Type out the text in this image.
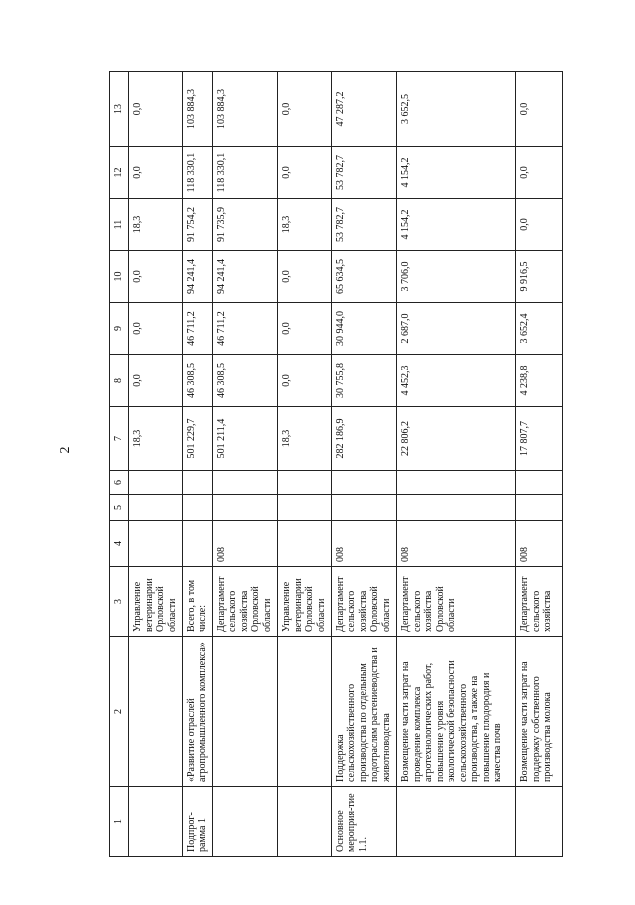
2
1	2	3	4	5	6	7	8	9	10	11	12	13
		Управление ветеринарии Орловской области				18,3	0,0	0,0	0,0	18,3	0,0	0,0
Подпрог-рамма 1	«Развитие отраслей агропромышленного комплекса»	Всего, в том числе:				501 229,7	46 308,5	46 711,2	94 241,4	91 754,2	118 330,1	103 884,3
		Департамент сельского хозяйства Орловской области	008			501 211,4	46 308,5	46 711,2	94 241,4	91 735,9	118 330,1	103 884,3
		Управление ветеринарии Орловской области				18,3	0,0	0,0	0,0	18,3	0,0	0,0
Основное мероприя-тие 1.1.	Поддержка сельскохозяйственного производства по отдельным подотраслям растениеводства и животноводства	Департамент сельского хозяйства Орловской области	008			282 186,9	30 755,8	30 944,0	65 634,5	53 782,7	53 782,7	47 287,2
	Возмещение части затрат на проведение комплекса агротехнологических работ, повышение уровня экологической безопасности сельскохозяйственного производства, а также на повышение плодородия и качества почв	Департамент сельского хозяйства Орловской области	008			22 806,2	4 452,3	2 687,0	3 706,0	4 154,2	4 154,2	3 652,5
	Возмещение части затрат на поддержку собственного производства молока	Департамент сельского хозяйства	008			17 807,7	4 238,8	3 652,4	9 916,5	0,0	0,0	0,0
